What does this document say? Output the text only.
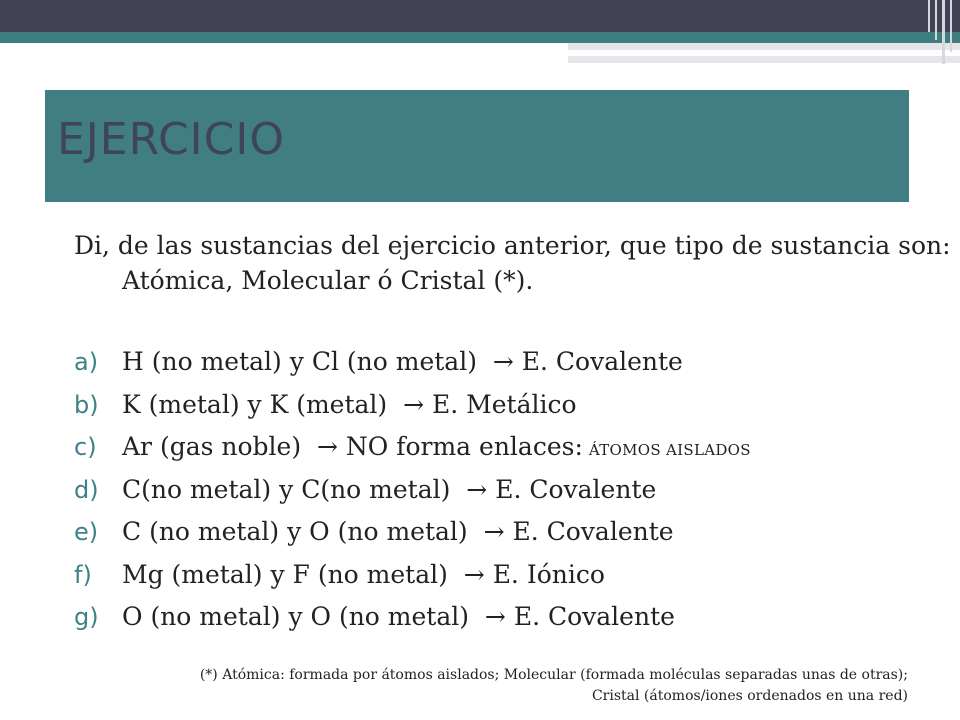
EJERCICIO

Di, de las sustancias del ejercicio anterior, que tipo de sustancia son: Atómica, Molecular ó Cristal (*).

a) H (no metal) y Cl (no metal)
→
E. Covalente
b) K (metal) y K (metal)
→
E. Metálico
c)	Ar (gas noble)
→
NO forma enlaces: ÁTOMOS AISLADOS
d) C(no metal) y C(no metal)
→
E. Covalente
e) C (no metal) y O (no metal)
→
E. Covalente
f)	Mg (metal) y F (no metal)
→
E. Iónico
g) O (no metal) y O (no metal)
→
E. Covalente
(*) Atómica: formada por átomos aislados; Molecular (formada moléculas separadas unas de otras);
Cristal (átomos/iones ordenados en una red)
